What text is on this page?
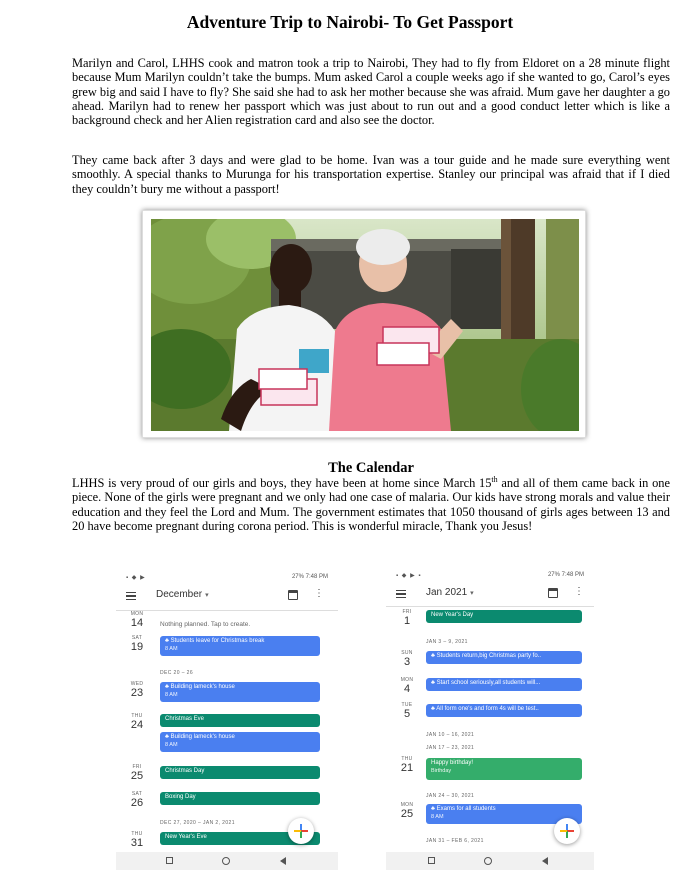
Adventure Trip to Nairobi- To Get Passport
Marilyn and Carol, LHHS cook and matron took a trip to Nairobi, They had to fly from Eldoret on a 28 minute flight because Mum Marilyn couldn’t take the bumps. Mum asked Carol a couple weeks ago if she wanted to go, Carol’s eyes grew big and said I have to fly? She said she had to ask her mother because she was afraid. Mum gave her daughter a go ahead. Marilyn had to renew her passport which was just about to run out and a good conduct letter which is like a background check and her Alien registration card and also see the doctor.
They came back after 3 days and were glad to be home. Ivan was a tour guide and he made sure everything went smoothly. A special thanks to Murunga for his transportation expertise. Stanley our principal was afraid that if I died they couldn’t bury me without a passport!
The Calendar
LHHS is very proud of our girls and boys, they have been at home since March 15th and all of them came back in one piece. None of the girls were pregnant and we only had one case of malaria. Our kids have strong morals and value their education and they feel the Lord and Mum. The government estimates that 1050 thousand of girls ages between 13 and 20 have become pregnant during corona period. This is wonderful miracle, Thank you Jesus!
▪ ◆ ▶	27% 7:48 PM
December ▾	⋮
MON
14	Nothing planned. Tap to create.
SAT
19	♣ Students leave for Christmas break
8 AM
DEC 20 – 26
WED
23	♣ Building lameck's house
8 AM
THU
24	Christmas Eve
♣ Building lameck's house
8 AM
FRI
25	Christmas Day
SAT
26	Boxing Day
DEC 27, 2020 – JAN 2, 2021
THU
31	New Year's Eve
▪ ◆ ▶ ▪	27% 7:48 PM
Jan 2021 ▾	⋮
FRI
1	New Year's Day
JAN 3 – 9, 2021
SUN
3	♣ Students return,big Christmas party fo..
MON
4	♣ Start school seriously,all students will...
TUE
5	♣ All form one's and form 4s will be test..
JAN 10 – 16, 2021
JAN 17 – 23, 2021
THU
21	Happy birthday!
Birthday
JAN 24 – 30, 2021
MON
25	♣ Exams for all students
8 AM
JAN 31 – FEB 6, 2021
